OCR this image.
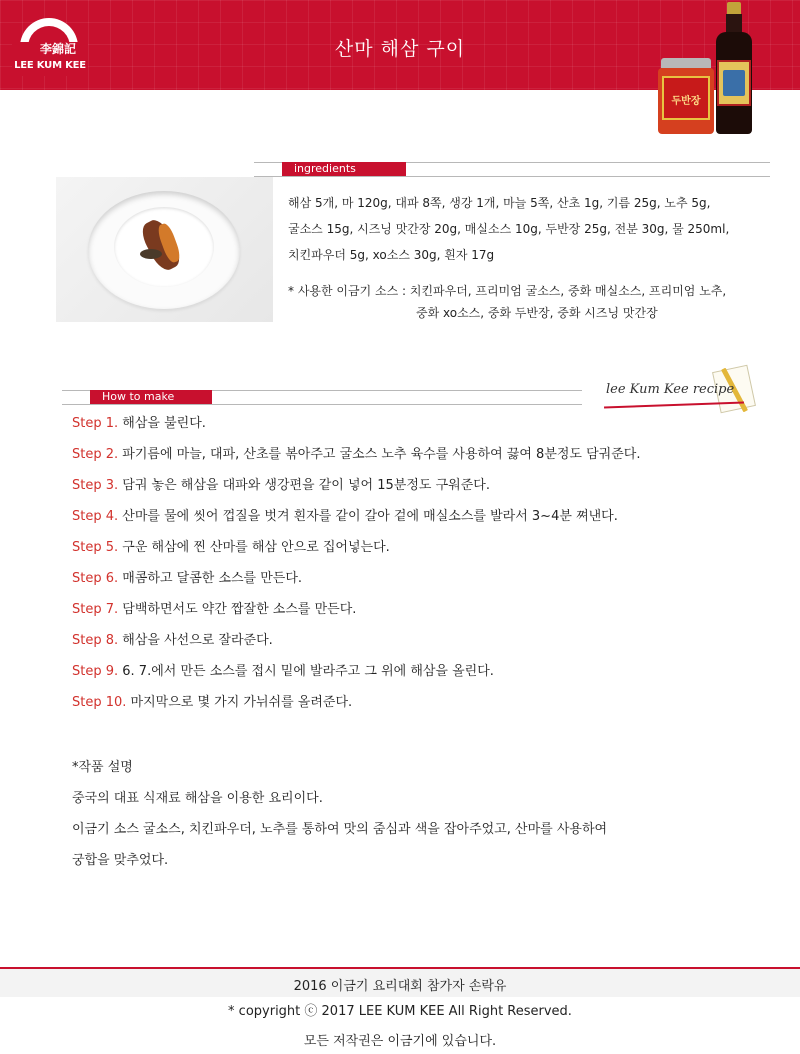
李錦記
LEE KUM KEE
산마 해삼 구이
두반장
ingredients
해삼 5개, 마 120g, 대파 8쪽, 생강 1개, 마늘 5쪽, 산초 1g, 기름 25g, 노추 5g,
굴소스 15g, 시즈닝 맛간장 20g, 매실소스 10g, 두반장 25g, 전분 30g, 물 250ml,
치킨파우더 5g, xo소스 30g, 흰자 17g
* 사용한 이금기 소스 : 치킨파우더, 프리미엄 굴소스, 중화 매실소스, 프리미엄 노추,
중화 xo소스, 중화 두반장, 중화 시즈닝 맛간장
How to make	lee Kum Kee recipe
Step 1. 해삼을 불린다.
Step 2. 파기름에 마늘, 대파, 산초를 볶아주고 굴소스 노추 육수를 사용하여 끓여 8분정도 담궈준다.
Step 3. 담궈 놓은 해삼을 대파와 생강편을 같이 넣어 15분정도 구워준다.
Step 4. 산마를 물에 씻어 껍질을 벗겨 흰자를 같이 갈아 겉에 매실소스를 발라서 3~4분 쪄낸다.
Step 5. 구운 해삼에 찐 산마를 해삼 안으로 집어넣는다.
Step 6. 매콤하고 달콤한 소스를 만든다.
Step 7. 담백하면서도 약간 짭잘한 소스를 만든다.
Step 8. 해삼을 사선으로 잘라준다.
Step 9. 6. 7.에서 만든 소스를 접시 밑에 발라주고 그 위에 해삼을 올린다.
Step 10. 마지막으로 몇 가지 가뉘쉬를 올려준다.
*작품 설명
중국의 대표 식재료 해삼을 이용한 요리이다.
이금기 소스 굴소스, 치킨파우더, 노추를 통하여 맛의 줌심과 색을 잡아주었고, 산마를 사용하여
궁합을 맞추었다.
2016 이금기 요리대회 참가자 손락유
* copyright ⓒ 2017 LEE KUM KEE All Right Reserved.
모든 저작권은 이금기에 있습니다.
